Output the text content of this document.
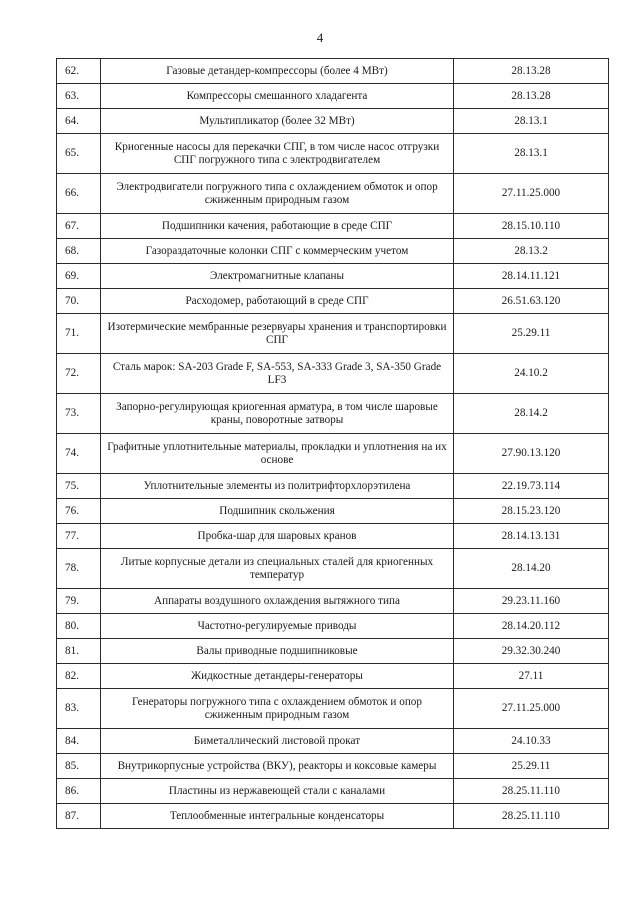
4
62.	Газовые детандер-компрессоры (более 4 МВт)	28.13.28
63.	Компрессоры смешанного хладагента	28.13.28
64.	Мультипликатор (более 32 МВт)	28.13.1
65.	Криогенные насосы для перекачки СПГ, в том числе насос отгрузки СПГ погружного типа с электродвигателем	28.13.1
66.	Электродвигатели погружного типа с охлаждением обмоток и опор сжиженным природным газом	27.11.25.000
67.	Подшипники качения, работающие в среде СПГ	28.15.10.110
68.	Газораздаточные колонки СПГ с коммерческим учетом	28.13.2
69.	Электромагнитные клапаны	28.14.11.121
70.	Расходомер, работающий в среде СПГ	26.51.63.120
71.	Изотермические мембранные резервуары хранения и транспортировки СПГ	25.29.11
72.	Сталь марок: SA-203 Grade F, SA-553, SA-333 Grade 3, SA-350 Grade LF3	24.10.2
73.	Запорно-регулирующая криогенная арматура, в том числе шаровые краны, поворотные затворы	28.14.2
74.	Графитные уплотнительные материалы, прокладки и уплотнения на их основе	27.90.13.120
75.	Уплотнительные элементы из политрифторхлорэтилена	22.19.73.114
76.	Подшипник скольжения	28.15.23.120
77.	Пробка-шар для шаровых кранов	28.14.13.131
78.	Литые корпусные детали из специальных сталей для криогенных температур	28.14.20
79.	Аппараты воздушного охлаждения вытяжного типа	29.23.11.160
80.	Частотно-регулируемые приводы	28.14.20.112
81.	Валы приводные подшипниковые	29.32.30.240
82.	Жидкостные детандеры-генераторы	27.11
83.	Генераторы погружного типа с охлаждением обмоток и опор сжиженным природным газом	27.11.25.000
84.	Биметаллический листовой прокат	24.10.33
85.	Внутрикорпусные устройства (ВКУ), реакторы и коксовые камеры	25.29.11
86.	Пластины из нержавеющей стали с каналами	28.25.11.110
87.	Теплообменные интегральные конденсаторы	28.25.11.110
